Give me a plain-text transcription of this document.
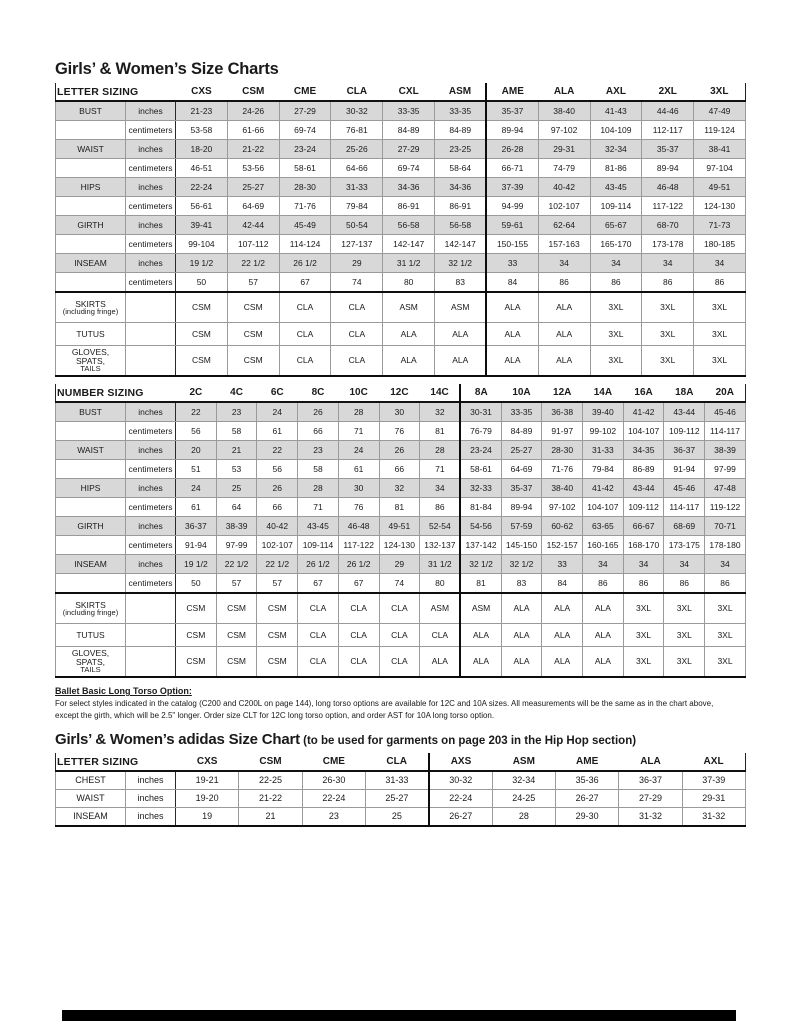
Girls’ & Women’s Size Charts
LETTER SIZING		CXS	CSM	CME	CLA	CXL	ASM	AME	ALA	AXL	2XL	3XL
BUST	inches	21-23	24-26	27-29	30-32	33-35	33-35	35-37	38-40	41-43	44-46	47-49
	centimeters	53-58	61-66	69-74	76-81	84-89	84-89	89-94	97-102	104-109	112-117	119-124
WAIST	inches	18-20	21-22	23-24	25-26	27-29	23-25	26-28	29-31	32-34	35-37	38-41
	centimeters	46-51	53-56	58-61	64-66	69-74	58-64	66-71	74-79	81-86	89-94	97-104
HIPS	inches	22-24	25-27	28-30	31-33	34-36	34-36	37-39	40-42	43-45	46-48	49-51
	centimeters	56-61	64-69	71-76	79-84	86-91	86-91	94-99	102-107	109-114	117-122	124-130
GIRTH	inches	39-41	42-44	45-49	50-54	56-58	56-58	59-61	62-64	65-67	68-70	71-73
	centimeters	99-104	107-112	114-124	127-137	142-147	142-147	150-155	157-163	165-170	173-178	180-185
INSEAM	inches	19 1/2	22 1/2	26 1/2	29	31 1/2	32 1/2	33	34	34	34	34
	centimeters	50	57	67	74	80	83	84	86	86	86	86
SKIRTS
(including fringe)		CSM	CSM	CLA	CLA	ASM	ASM	ALA	ALA	3XL	3XL	3XL
TUTUS		CSM	CSM	CLA	CLA	ALA	ALA	ALA	ALA	3XL	3XL	3XL
GLOVES, SPATS,
TAILS		CSM	CSM	CLA	CLA	ALA	ALA	ALA	ALA	3XL	3XL	3XL
NUMBER SIZING		2C	4C	6C	8C	10C	12C	14C	8A	10A	12A	14A	16A	18A	20A
BUST	inches	22	23	24	26	28	30	32	30-31	33-35	36-38	39-40	41-42	43-44	45-46
	centimeters	56	58	61	66	71	76	81	76-79	84-89	91-97	99-102	104-107	109-112	114-117
WAIST	inches	20	21	22	23	24	26	28	23-24	25-27	28-30	31-33	34-35	36-37	38-39
	centimeters	51	53	56	58	61	66	71	58-61	64-69	71-76	79-84	86-89	91-94	97-99
HIPS	inches	24	25	26	28	30	32	34	32-33	35-37	38-40	41-42	43-44	45-46	47-48
	centimeters	61	64	66	71	76	81	86	81-84	89-94	97-102	104-107	109-112	114-117	119-122
GIRTH	inches	36-37	38-39	40-42	43-45	46-48	49-51	52-54	54-56	57-59	60-62	63-65	66-67	68-69	70-71
	centimeters	91-94	97-99	102-107	109-114	117-122	124-130	132-137	137-142	145-150	152-157	160-165	168-170	173-175	178-180
INSEAM	inches	19 1/2	22 1/2	22 1/2	26 1/2	26 1/2	29	31 1/2	32 1/2	32 1/2	33	34	34	34	34
	centimeters	50	57	57	67	67	74	80	81	83	84	86	86	86	86
SKIRTS
(including fringe)		CSM	CSM	CSM	CLA	CLA	CLA	ASM	ASM	ALA	ALA	ALA	3XL	3XL	3XL
TUTUS		CSM	CSM	CSM	CLA	CLA	CLA	CLA	ALA	ALA	ALA	ALA	3XL	3XL	3XL
GLOVES, SPATS,
TAILS		CSM	CSM	CSM	CLA	CLA	CLA	ALA	ALA	ALA	ALA	ALA	3XL	3XL	3XL
Ballet Basic Long Torso Option:
For select styles indicated in the catalog (C200 and C200L on page 144), long torso options are available for 12C and 10A sizes. All measurements will be the same as in the chart above,
except the girth, which will be 2.5" longer. Order size CLT for 12C long torso option, and order AST for 10A long torso option.
Girls’ & Women’s adidas Size Chart (to be used for garments on page 203 in the Hip Hop section)
LETTER SIZING		CXS	CSM	CME	CLA	AXS	ASM	AME	ALA	AXL
CHEST	inches	19-21	22-25	26-30	31-33	30-32	32-34	35-36	36-37	37-39
WAIST	inches	19-20	21-22	22-24	25-27	22-24	24-25	26-27	27-29	29-31
INSEAM	inches	19	21	23	25	26-27	28	29-30	31-32	31-32
